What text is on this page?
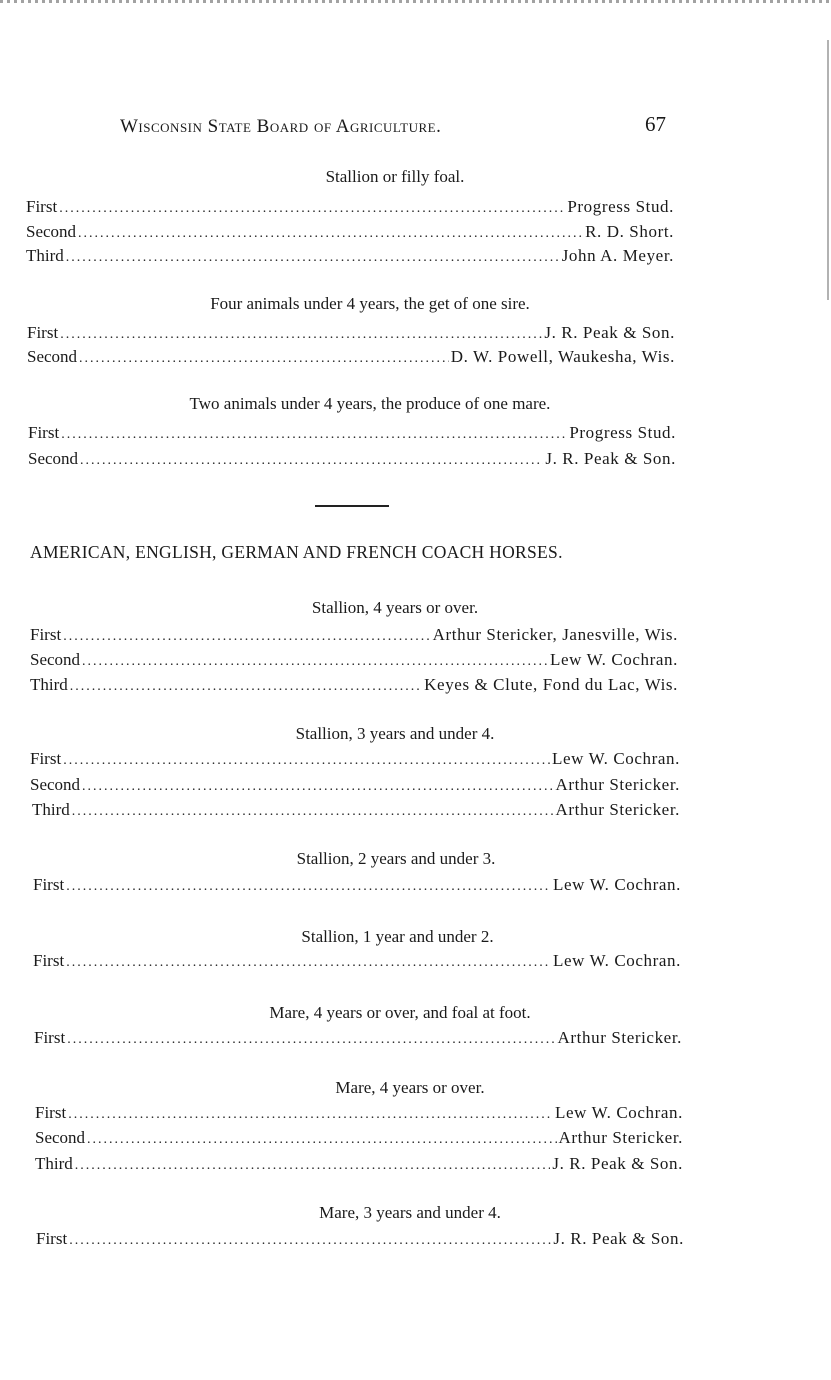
Wisconsin State Board of Agriculture.	67
Stallion or filly foal.
First .....	Progress Stud.
Second .....	R. D. Short.
Third .....	John A. Meyer.
Four animals under 4 years, the get of one sire.
First .....	J. R. Peak & Son.
Second .....	D. W. Powell, Waukesha, Wis.
Two animals under 4 years, the produce of one mare.
First .....	Progress Stud.
Second .....	J. R. Peak & Son.
AMERICAN, ENGLISH, GERMAN AND FRENCH COACH HORSES.
Stallion, 4 years or over.
First .....	Arthur Stericker, Janesville, Wis.
Second .....	Lew W. Cochran.
Third .....	Keyes & Clute, Fond du Lac, Wis.
Stallion, 3 years and under 4.
First .....	Lew W. Cochran.
Second .....	Arthur Stericker.
Third .....	Arthur Stericker.
Stallion, 2 years and under 3.
First .....	Lew W. Cochran.
Stallion, 1 year and under 2.
First .....	Lew W. Cochran.
Mare, 4 years or over, and foal at foot.
First .....	Arthur Stericker.
Mare, 4 years or over.
First .....	Lew W. Cochran.
Second .....	Arthur Stericker.
Third .....	J. R. Peak & Son.
Mare, 3 years and under 4.
First .....	J. R. Peak & Son.
